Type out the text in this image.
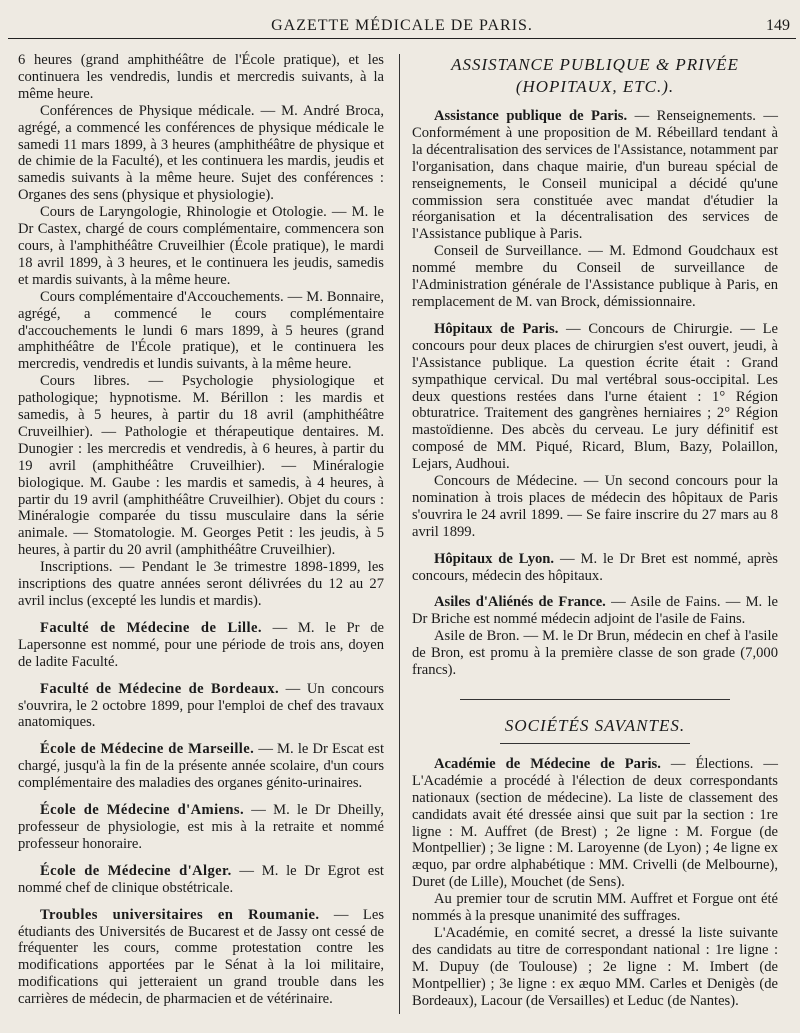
GAZETTE MÉDICALE DE PARIS.	149

6 heures (grand amphithéâtre de l'École pratique), et les continuera les vendredis, lundis et mercredis suivants, à la même heure.

Conférences de Physique médicale. — M. André Broca, agrégé, a commencé les conférences de physique médicale le samedi 11 mars 1899, à 3 heures (amphithéâtre de physique et de chimie de la Faculté), et les continuera les mardis, jeudis et samedis suivants à la même heure. Sujet des conférences : Organes des sens (physique et physiologie).

Cours de Laryngologie, Rhinologie et Otologie. — M. le Dr Castex, chargé de cours complémentaire, commencera son cours, à l'amphithéâtre Cruveilhier (École pratique), le mardi 18 avril 1899, à 3 heures, et le continuera les jeudis, samedis et mardis suivants, à la même heure.

Cours complémentaire d'Accouchements. — M. Bonnaire, agrégé, a commencé le cours complémentaire d'accouchements le lundi 6 mars 1899, à 5 heures (grand amphithéâtre de l'École pratique), et le continuera les mercredis, vendredis et lundis suivants, à la même heure.

Cours libres. — Psychologie physiologique et pathologique; hypnotisme. M. Bérillon : les mardis et samedis, à 5 heures, à partir du 18 avril (amphithéâtre Cruveilhier). — Pathologie et thérapeutique dentaires. M. Dunogier : les mercredis et vendredis, à 6 heures, à partir du 19 avril (amphithéâtre Cruveilhier). — Minéralogie biologique. M. Gaube : les mardis et samedis, à 4 heures, à partir du 19 avril (amphithéâtre Cruveilhier). Objet du cours : Minéralogie comparée du tissu musculaire dans la série animale. — Stomatologie. M. Georges Petit : les jeudis, à 5 heures, à partir du 20 avril (amphithéâtre Cruveilhier).

Inscriptions. — Pendant le 3e trimestre 1898-1899, les inscriptions des quatre années seront délivrées du 12 au 27 avril inclus (excepté les lundis et mardis).

Faculté de Médecine de Lille. — M. le Pr de Lapersonne est nommé, pour une période de trois ans, doyen de ladite Faculté.

Faculté de Médecine de Bordeaux. — Un concours s'ouvrira, le 2 octobre 1899, pour l'emploi de chef des travaux anatomiques.

École de Médecine de Marseille. — M. le Dr Escat est chargé, jusqu'à la fin de la présente année scolaire, d'un cours complémentaire des maladies des organes génito-urinaires.

École de Médecine d'Amiens. — M. le Dr Dheilly, professeur de physiologie, est mis à la retraite et nommé professeur honoraire.

École de Médecine d'Alger. — M. le Dr Egrot est nommé chef de clinique obstétricale.

Troubles universitaires en Roumanie. — Les étudiants des Universités de Bucarest et de Jassy ont cessé de fréquenter les cours, comme protestation contre les modifications apportées par le Sénat à la loi militaire, modifications qui jetteraient un grand trouble dans les carrières de médecin, de pharmacien et de vétérinaire.

ASSISTANCE PUBLIQUE & PRIVÉE (HOPITAUX, ETC.).

Assistance publique de Paris. — Renseignements. — Conformément à une proposition de M. Rébeillard tendant à la décentralisation des services de l'Assistance, notamment par l'organisation, dans chaque mairie, d'un bureau spécial de renseignements, le Conseil municipal a décidé qu'une commission sera constituée avec mandat d'étudier la réorganisation et la décentralisation des services de l'Assistance publique à Paris.

Conseil de Surveillance. — M. Edmond Goudchaux est nommé membre du Conseil de surveillance de l'Administration générale de l'Assistance publique à Paris, en remplacement de M. van Brock, démissionnaire.

Hôpitaux de Paris. — Concours de Chirurgie. — Le concours pour deux places de chirurgien s'est ouvert, jeudi, à l'Assistance publique. La question écrite était : Grand sympathique cervical. Du mal vertébral sous-occipital. Les deux questions restées dans l'urne étaient : 1° Région obturatrice. Traitement des gangrènes herniaires ; 2° Région mastoïdienne. Des abcès du cerveau. Le jury définitif est composé de MM. Piqué, Ricard, Blum, Bazy, Polaillon, Lejars, Audhoui.

Concours de Médecine. — Un second concours pour la nomination à trois places de médecin des hôpitaux de Paris s'ouvrira le 24 avril 1899. — Se faire inscrire du 27 mars au 8 avril 1899.

Hôpitaux de Lyon. — M. le Dr Bret est nommé, après concours, médecin des hôpitaux.

Asiles d'Aliénés de France. — Asile de Fains. — M. le Dr Briche est nommé médecin adjoint de l'asile de Fains.

Asile de Bron. — M. le Dr Brun, médecin en chef à l'asile de Bron, est promu à la première classe de son grade (7,000 francs).

SOCIÉTÉS SAVANTES.

Académie de Médecine de Paris. — Élections. — L'Académie a procédé à l'élection de deux correspondants nationaux (section de médecine). La liste de classement des candidats avait été dressée ainsi que suit par la section : 1re ligne : M. Auffret (de Brest) ; 2e ligne : M. Forgue (de Montpellier) ; 3e ligne : M. Laroyenne (de Lyon) ; 4e ligne ex æquo, par ordre alphabétique : MM. Crivelli (de Melbourne), Duret (de Lille), Mouchet (de Sens).

Au premier tour de scrutin MM. Auffret et Forgue ont été nommés à la presque unanimité des suffrages.

L'Académie, en comité secret, a dressé la liste suivante des candidats au titre de correspondant national : 1re ligne : M. Dupuy (de Toulouse) ; 2e ligne : M. Imbert (de Montpellier) ; 3e ligne : ex æquo MM. Carles et Denigès (de Bordeaux), Lacour (de Versailles) et Leduc (de Nantes).
